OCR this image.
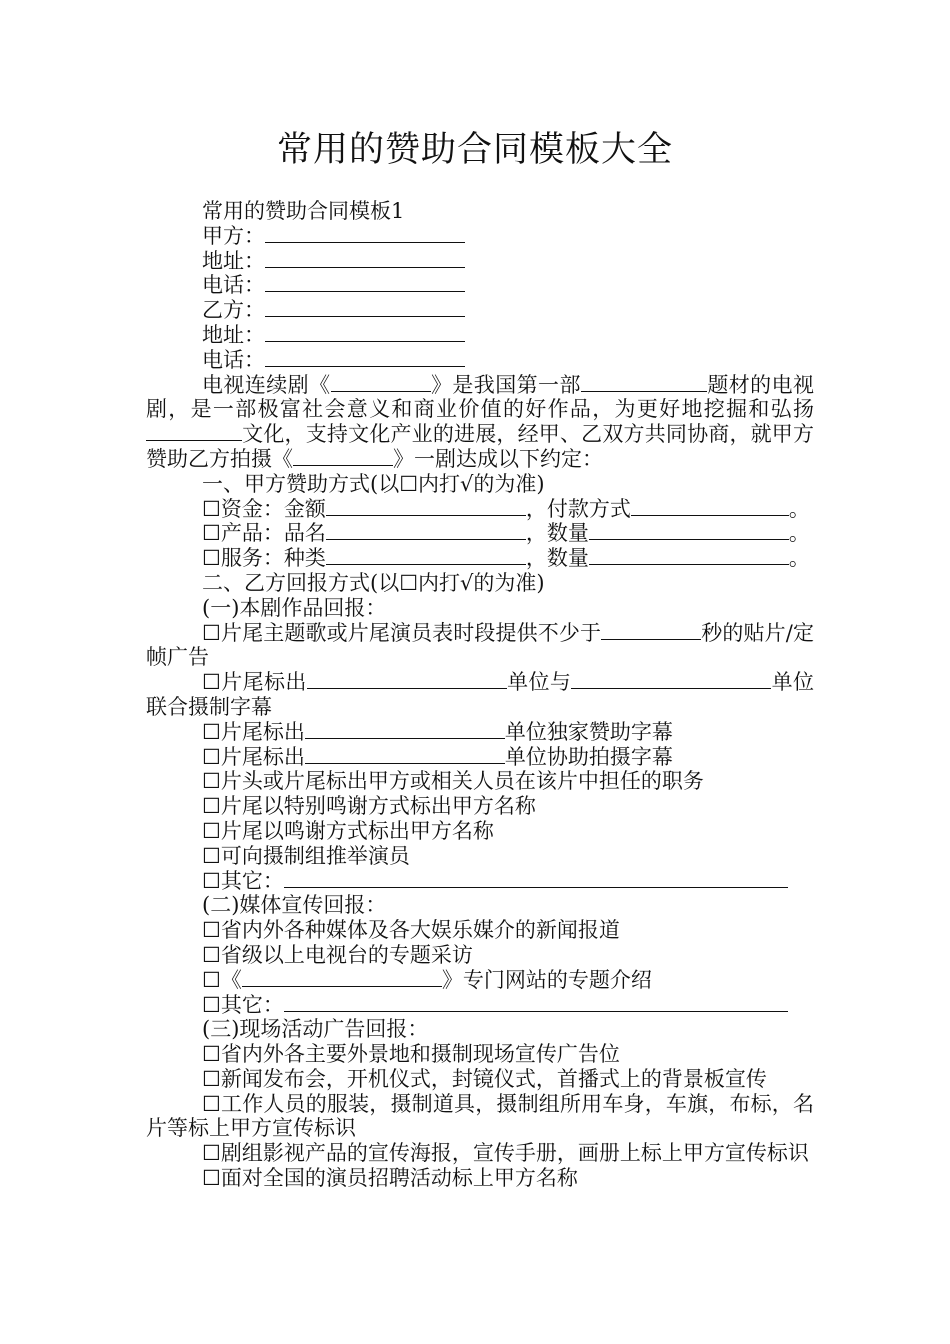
常用的赞助合同模板大全
常用的赞助合同模板1
甲方：
地址：
电话：
乙方：
地址：
电话：
电视连续剧《	》是我国第一部	题材的电视剧，是一部极富社会意义和商业价值的好作品，为更好地挖掘和弘扬文化，支持文化产业的进展，经甲、乙双方共同协商，就甲方赞助乙方拍摄《	》一剧达成以下约定：
一、甲方赞助方式(以☐内打√的为准)
☐资金：金额	，付款方式	。
☐产品：品名	，数量	。
☐服务：种类	，数量	。
二、乙方回报方式(以☐内打√的为准)
(一)本剧作品回报：
☐片尾主题歌或片尾演员表时段提供不少于	秒的贴片/定帧广告
☐片尾标出	单位与	单位联合摄制字幕
☐片尾标出	单位独家赞助字幕
☐片尾标出	单位协助拍摄字幕
☐片头或片尾标出甲方或相关人员在该片中担任的职务
☐片尾以特别鸣谢方式标出甲方名称
☐片尾以鸣谢方式标出甲方名称
☐可向摄制组推举演员
☐其它：
(二)媒体宣传回报：
☐省内外各种媒体及各大娱乐媒介的新闻报道
☐省级以上电视台的专题采访
☐《	》专门网站的专题介绍
☐其它：
(三)现场活动广告回报：
☐省内外各主要外景地和摄制现场宣传广告位
☐新闻发布会，开机仪式，封镜仪式，首播式上的背景板宣传
☐工作人员的服装，摄制道具，摄制组所用车身，车旗，布标，名片等标上甲方宣传标识
☐剧组影视产品的宣传海报，宣传手册，画册上标上甲方宣传标识
☐面对全国的演员招聘活动标上甲方名称
